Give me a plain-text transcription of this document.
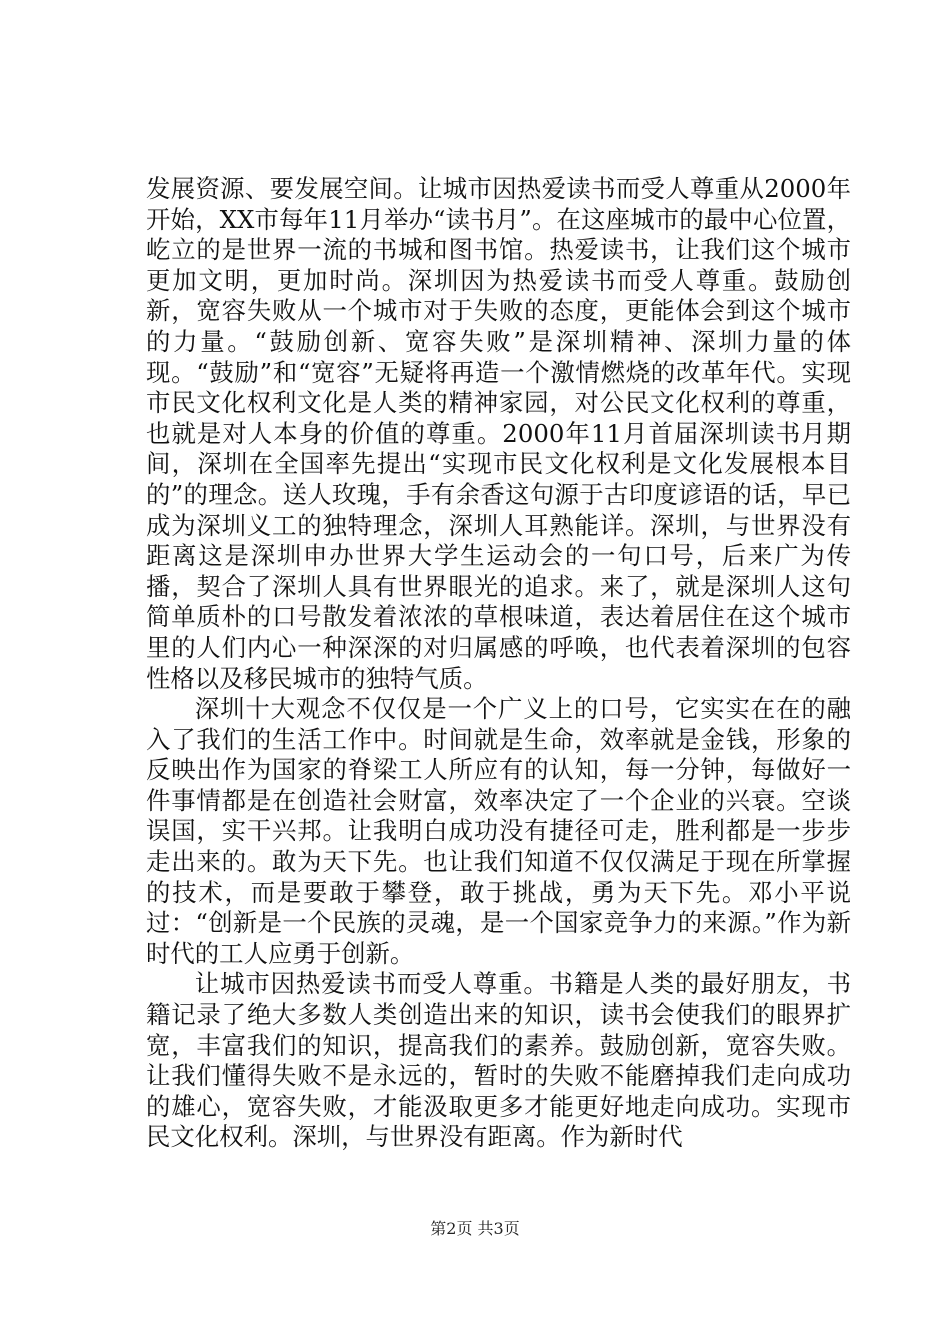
发展资源、要发展空间。让城市因热爱读书而受人尊重从2000年开始，XX市每年11月举办“读书月”。在这座城市的最中心位置，屹立的是世界一流的书城和图书馆。热爱读书，让我们这个城市更加文明，更加时尚。深圳因为热爱读书而受人尊重。鼓励创新，宽容失败从一个城市对于失败的态度，更能体会到这个城市的力量。“鼓励创新、宽容失败”是深圳精神、深圳力量的体现。“鼓励”和“宽容”无疑将再造一个激情燃烧的改革年代。实现市民文化权利文化是人类的精神家园，对公民文化权利的尊重，也就是对人本身的价值的尊重。2000年11月首届深圳读书月期间，深圳在全国率先提出“实现市民文化权利是文化发展根本目的”的理念。送人玫瑰，手有余香这句源于古印度谚语的话，早已成为深圳义工的独特理念，深圳人耳熟能详。深圳，与世界没有距离这是深圳申办世界大学生运动会的一句口号，后来广为传播，契合了深圳人具有世界眼光的追求。来了，就是深圳人这句简单质朴的口号散发着浓浓的草根味道，表达着居住在这个城市里的人们内心一种深深的对归属感的呼唤，也代表着深圳的包容性格以及移民城市的独特气质。

深圳十大观念不仅仅是一个广义上的口号，它实实在在的融入了我们的生活工作中。时间就是生命，效率就是金钱，形象的反映出作为国家的脊梁工人所应有的认知，每一分钟，每做好一件事情都是在创造社会财富，效率决定了一个企业的兴衰。空谈误国，实干兴邦。让我明白成功没有捷径可走，胜利都是一步步走出来的。敢为天下先。也让我们知道不仅仅满足于现在所掌握的技术，而是要敢于攀登，敢于挑战，勇为天下先。邓小平说过：“创新是一个民族的灵魂，是一个国家竞争力的来源。”作为新时代的工人应勇于创新。

让城市因热爱读书而受人尊重。书籍是人类的最好朋友，书籍记录了绝大多数人类创造出来的知识，读书会使我们的眼界扩宽，丰富我们的知识，提高我们的素养。鼓励创新，宽容失败。让我们懂得失败不是永远的，暂时的失败不能磨掉我们走向成功的雄心，宽容失败，才能汲取更多才能更好地走向成功。实现市民文化权利。深圳，与世界没有距离。作为新时代

第2页 共3页
